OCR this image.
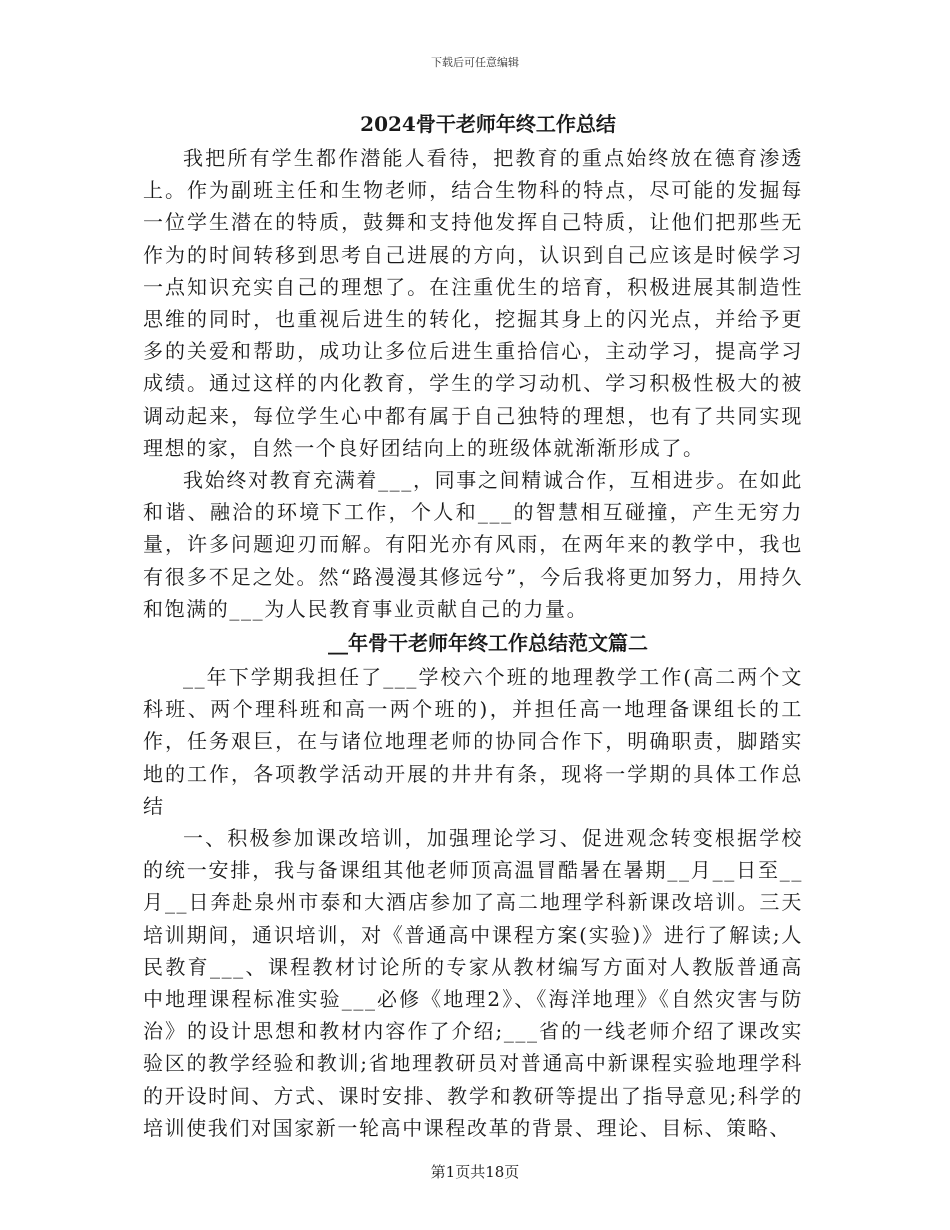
下载后可任意编辑
2024骨干老师年终工作总结

我把所有学生都作潜能人看待，把教育的重点始终放在德育渗透上。作为副班主任和生物老师，结合生物科的特点，尽可能的发掘每一位学生潜在的特质，鼓舞和支持他发挥自己特质，让他们把那些无作为的时间转移到思考自己进展的方向，认识到自己应该是时候学习一点知识充实自己的理想了。在注重优生的培育，积极进展其制造性思维的同时，也重视后进生的转化，挖掘其身上的闪光点，并给予更多的关爱和帮助，成功让多位后进生重拾信心，主动学习，提高学习成绩。通过这样的内化教育，学生的学习动机、学习积极性极大的被调动起来，每位学生心中都有属于自己独特的理想，也有了共同实现理想的家，自然一个良好团结向上的班级体就渐渐形成了。

我始终对教育充满着___，同事之间精诚合作，互相进步。在如此和谐、融洽的环境下工作，个人和___的智慧相互碰撞，产生无穷力量，许多问题迎刃而解。有阳光亦有风雨，在两年来的教学中，我也有很多不足之处。然“路漫漫其修远兮”，今后我将更加努力，用持久和饱满的___为人民教育事业贡献自己的力量。

__年骨干老师年终工作总结范文篇二

__年下学期我担任了___学校六个班的地理教学工作(高二两个文科班、两个理科班和高一两个班的)，并担任高一地理备课组长的工作，任务艰巨，在与诸位地理老师的协同合作下，明确职责，脚踏实地的工作，各项教学活动开展的井井有条，现将一学期的具体工作总结

一、积极参加课改培训，加强理论学习、促进观念转变根据学校的统一安排，我与备课组其他老师顶高温冒酷暑在暑期__月__日至__月__日奔赴泉州市泰和大酒店参加了高二地理学科新课改培训。三天培训期间，通识培训，对《普通高中课程方案(实验)》进行了解读;人民教育___、课程教材讨论所的专家从教材编写方面对人教版普通高中地理课程标准实验___必修《地理2》、《海洋地理》《自然灾害与防治》的设计思想和教材内容作了介绍;___省的一线老师介绍了课改实验区的教学经验和教训;省地理教研员对普通高中新课程实验地理学科的开设时间、方式、课时安排、教学和教研等提出了指导意见;科学的培训使我们对国家新一轮高中课程改革的背景、理论、目标、策略、

第1页共18页
